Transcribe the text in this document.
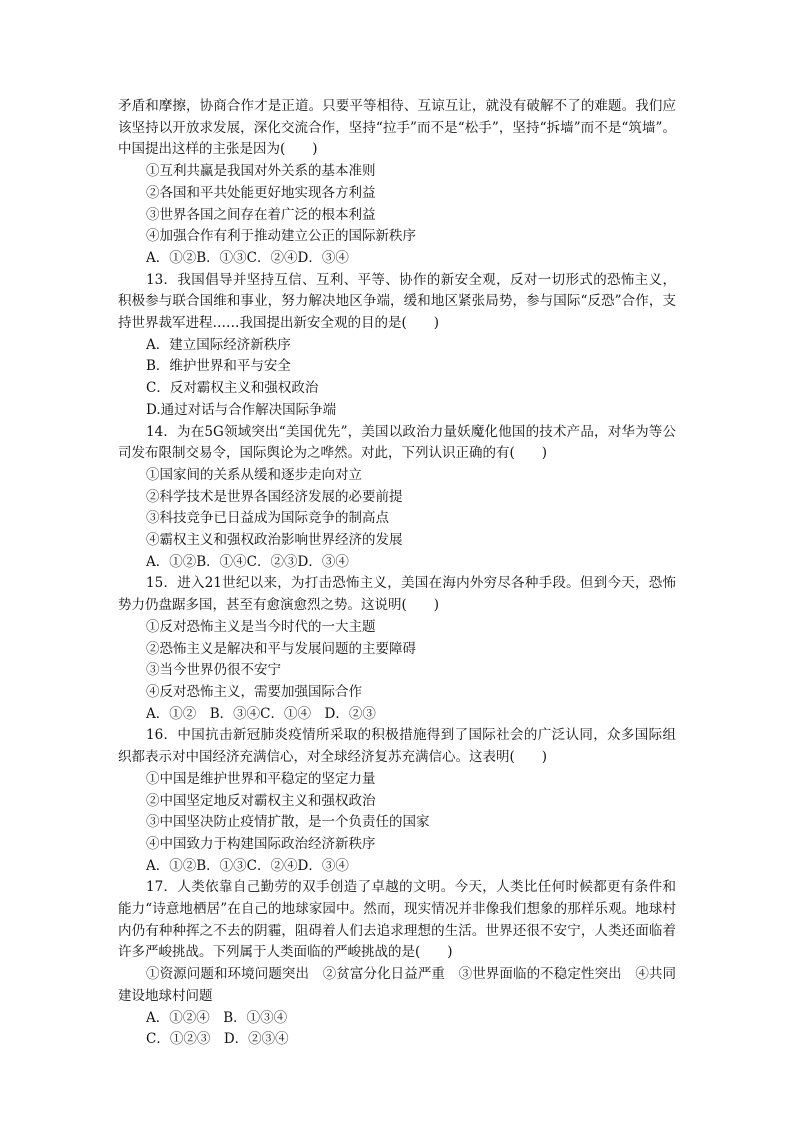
矛盾和摩擦，协商合作才是正道。只要平等相待、互谅互让，就没有破解不了的难题。我们应该坚持以开放求发展，深化交流合作，坚持“拉手”而不是“松手”，坚持“拆墙”而不是“筑墙”。中国提出这样的主张是因为(　　)

①互利共赢是我国对外关系的基本准则

②各国和平共处能更好地实现各方利益

③世界各国之间存在着广泛的根本利益

④加强合作有利于推动建立公正的国际新秩序

A．①②B．①③C．②④D．③④

13．我国倡导并坚持互信、互利、平等、协作的新安全观，反对一切形式的恐怖主义，积极参与联合国维和事业，努力解决地区争端，缓和地区紧张局势，参与国际“反恐”合作，支持世界裁军进程……我国提出新安全观的目的是(　　)

A．建立国际经济新秩序

B．维护世界和平与安全

C．反对霸权主义和强权政治

D.通过对话与合作解决国际争端

14．为在5G领域突出“美国优先”，美国以政治力量妖魔化他国的技术产品，对华为等公司发布限制交易令，国际舆论为之哗然。对此，下列认识正确的有(　　)

①国家间的关系从缓和逐步走向对立

②科学技术是世界各国经济发展的必要前提

③科技竞争已日益成为国际竞争的制高点

④霸权主义和强权政治影响世界经济的发展

A．①②B．①④C．②③D．③④

15．进入21世纪以来，为打击恐怖主义，美国在海内外穷尽各种手段。但到今天，恐怖势力仍盘踞多国，甚至有愈演愈烈之势。这说明(　　)

①反对恐怖主义是当今时代的一大主题

②恐怖主义是解决和平与发展问题的主要障碍

③当今世界仍很不安宁

④反对恐怖主义，需要加强国际合作

A．①②　B．③④C．①④　D．②③

16．中国抗击新冠肺炎疫情所采取的积极措施得到了国际社会的广泛认同，众多国际组织都表示对中国经济充满信心，对全球经济复苏充满信心。这表明(　　)

①中国是维护世界和平稳定的坚定力量

②中国坚定地反对霸权主义和强权政治

③中国坚决防止疫情扩散，是一个负责任的国家

④中国致力于构建国际政治经济新秩序

A．①②B．①③C．②④D．③④

17．人类依靠自己勤劳的双手创造了卓越的文明。今天，人类比任何时候都更有条件和能力“诗意地栖居”在自己的地球家园中。然而，现实情况并非像我们想象的那样乐观。地球村内仍有种种挥之不去的阴霾，阻碍着人们去追求理想的生活。世界还很不安宁，人类还面临着许多严峻挑战。下列属于人类面临的严峻挑战的是(　　)

①资源问题和环境问题突出　②贫富分化日益严重　③世界面临的不稳定性突出　④共同建设地球村问题

A．①②④　B．①③④

C．①②③　D．②③④
